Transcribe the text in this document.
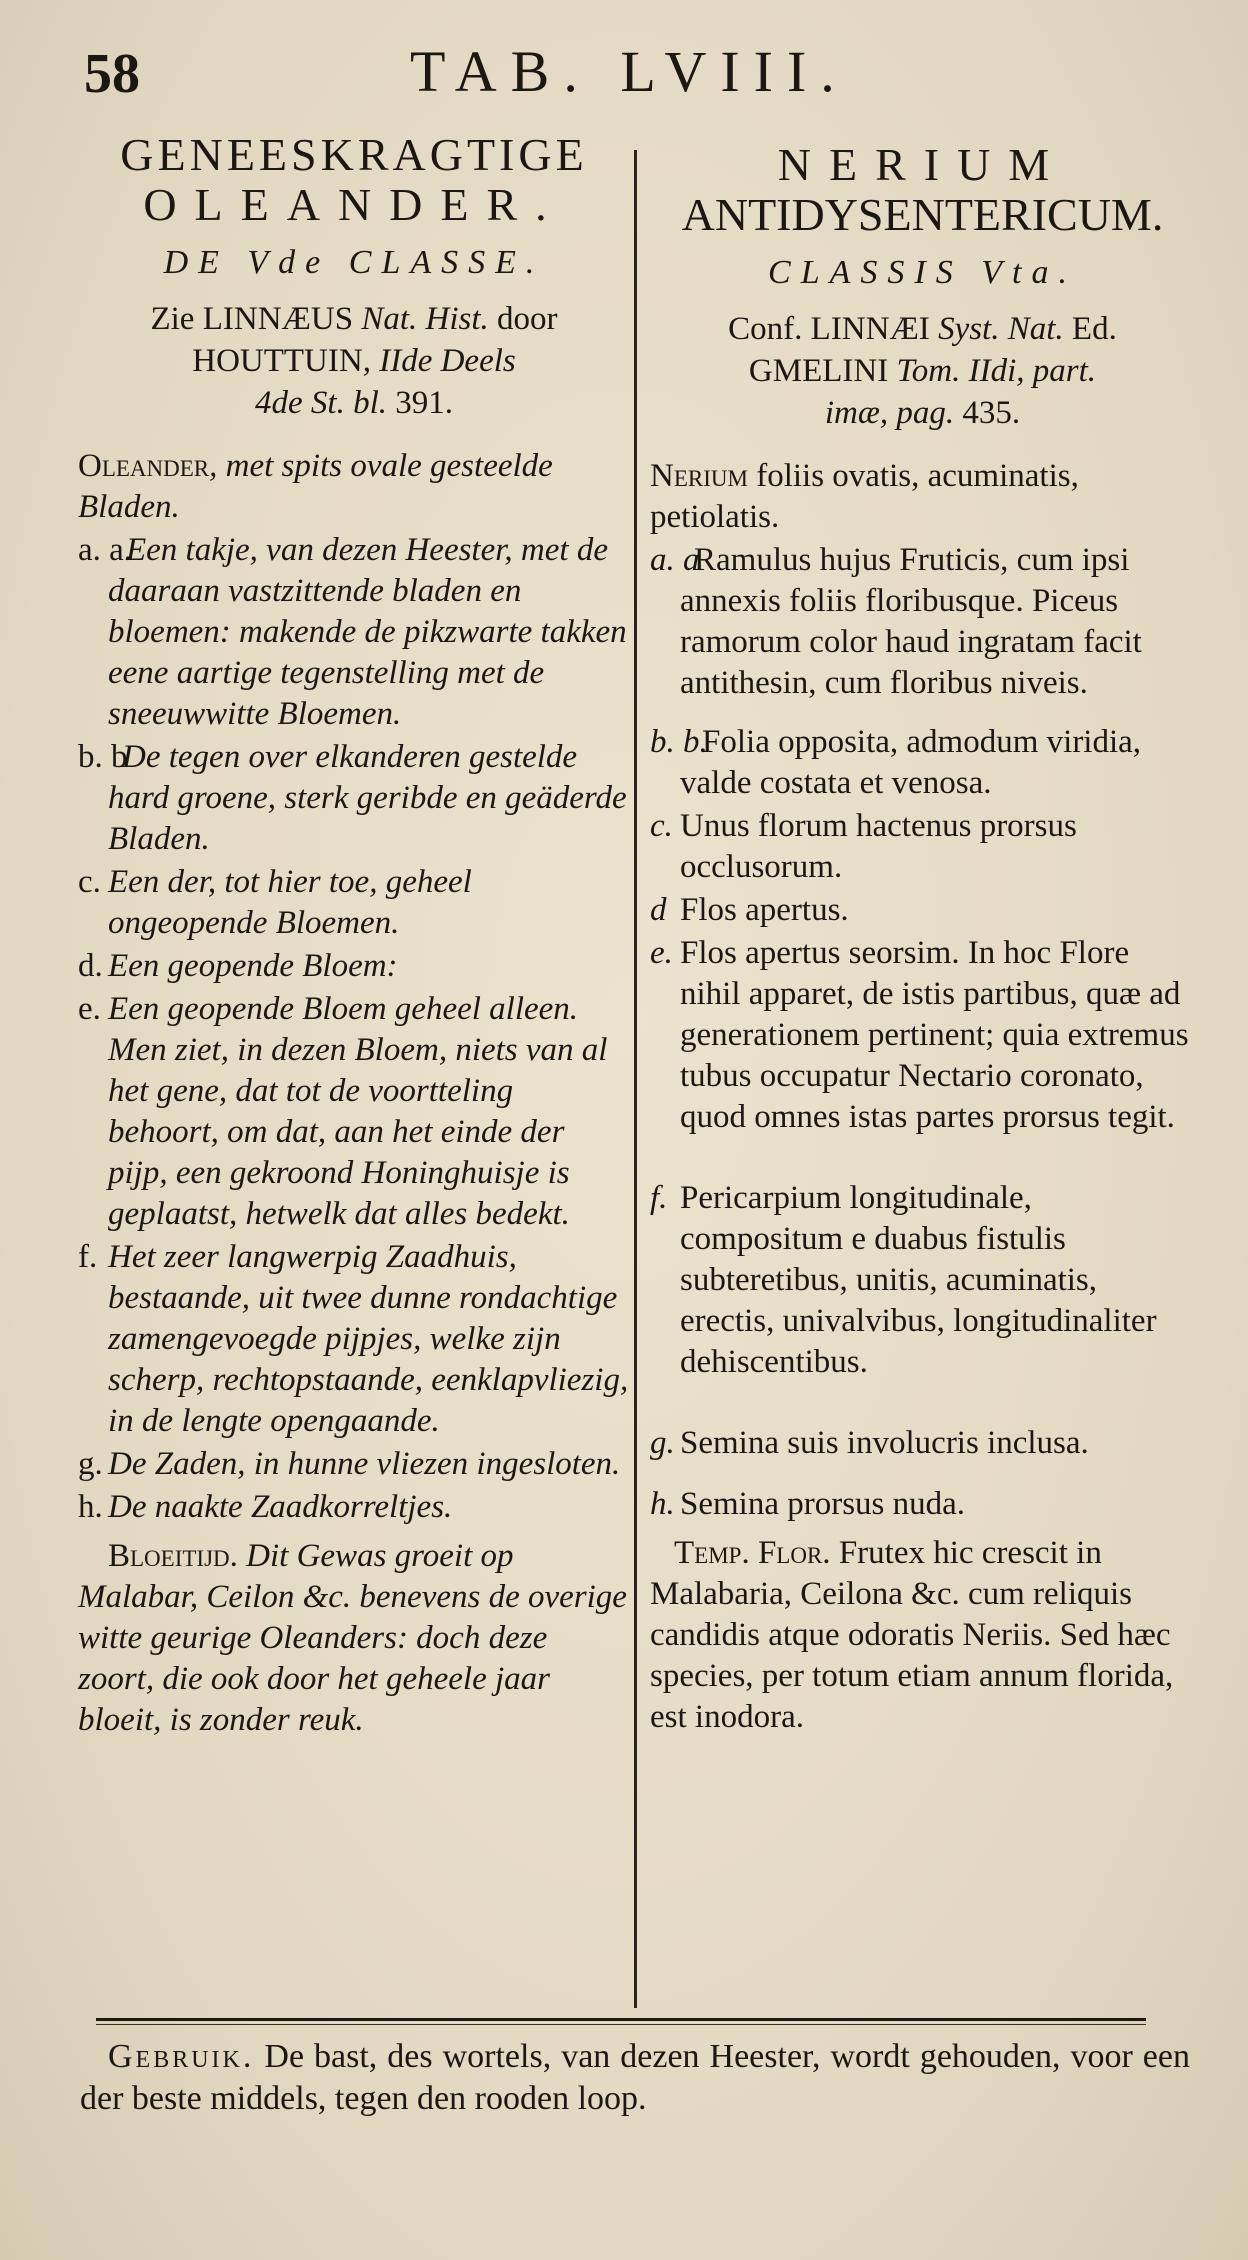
58	TAB. LVIII.
GENEESKRAGTIGE
OLEANDER.
DE Vde CLASSE.
Zie LINNÆUS Nat. Hist. door
HOUTTUIN, IIde Deels
4de St. bl. 391.
Oleander, met spits ovale gesteelde Bladen.
a. a.
Een takje, van dezen Heester, met de daaraan vastzittende bladen en bloemen: makende de pikzwarte takken eene aartige tegenstelling met de sneeuwwitte Bloemen.
b. b
De tegen over elkanderen gestelde hard groene, sterk geribde en geäderde Bladen.
c. Een der, tot hier toe, geheel ongeopende Bloemen.
d. Een geopende Bloem:
e. Een geopende Bloem geheel alleen. Men ziet, in dezen Bloem, niets van al het gene, dat tot de voortteling behoort, om dat, aan het einde der pijp, een gekroond Honinghuisje is geplaatst, hetwelk dat alles bedekt.
f. Het zeer langwerpig Zaadhuis, bestaande, uit twee dunne rondachtige zamengevoegde pijpjes, welke zijn scherp, rechtopstaande, eenklapvliezig, in de lengte opengaande.
g. De Zaden, in hunne vliezen ingesloten.
h. De naakte Zaadkorreltjes.
Bloeitijd. Dit Gewas groeit op Malabar, Ceilon &c. benevens de overige witte geurige Oleanders: doch deze zoort, die ook door het geheele jaar bloeit, is zonder reuk.
NERIUM
ANTIDYSENTERICUM.
CLASSIS Vta.
Conf. LINNÆI Syst. Nat. Ed.
GMELINI Tom. IIdi, part.
imæ, pag. 435.
Nerium foliis ovatis, acuminatis, petiolatis.
a. a
Ramulus hujus Fruticis, cum ipsi annexis foliis floribusque. Piceus ramorum color haud ingratam facit antithesin, cum floribus niveis.
b. b.
Folia opposita, admodum viridia, valde costata et venosa.
c. Unus florum hactenus prorsus occlusorum.
d Flos apertus.
e. Flos apertus seorsim. In hoc Flore nihil apparet, de istis partibus, quæ ad generationem pertinent; quia extremus tubus occupatur Nectario coronato, quod omnes istas partes prorsus tegit.
f. Pericarpium longitudinale, compositum e duabus fistulis subteretibus, unitis, acuminatis, erectis, univalvibus, longitudinaliter dehiscentibus.
g. Semina suis involucris inclusa.
h. Semina prorsus nuda.
Temp. Flor. Frutex hic crescit in Malabaria, Ceilona &c. cum reliquis candidis atque odoratis Neriis. Sed hæc species, per totum etiam annum florida, est inodora.
Gebruik. De bast, des wortels, van dezen Heester, wordt gehouden, voor een der beste middels, tegen den rooden loop.
